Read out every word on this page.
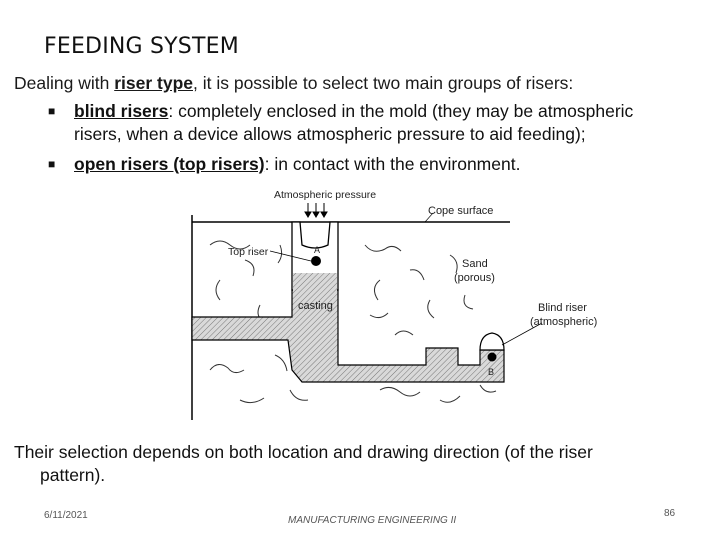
FEEDING SYSTEM
Dealing with riser type, it is possible to select two main groups of risers:
■ blind risers: completely enclosed in the mold (they may be atmospheric
risers, when a device allows atmospheric pressure to aid feeding);
■ open risers (top risers): in contact with the environment.
Atmospheric pressure
Cope surface
Top riser	A
Sand
(porous)
casting	Blind riser
(atmospheric)
B
Their selection depends on both location and drawing direction (of the riser
pattern).
6/11/2021	MANUFACTURING ENGINEERING II
86
